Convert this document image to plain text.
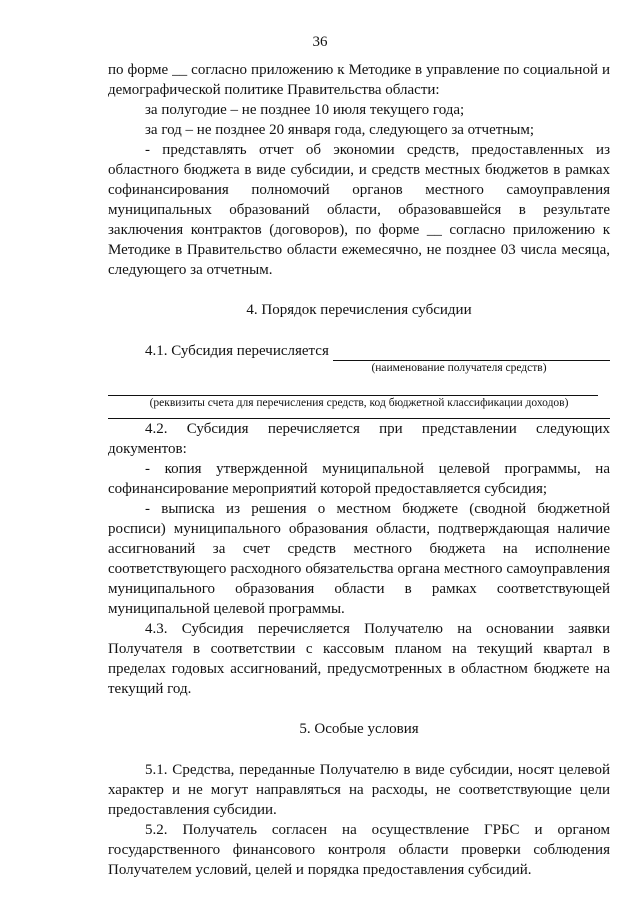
36

по форме __ согласно приложению к Методике в управление по социальной и демографической политике Правительства области:

за полугодие – не позднее 10 июля текущего года;

за год – не позднее 20 января года, следующего за отчетным;

- представлять отчет об экономии средств, предоставленных из областного бюджета в виде субсидии, и средств местных бюджетов в рамках софинансирования полномочий органов местного самоуправления муниципальных образований области, образовавшейся в результате заключения контрактов (договоров), по форме __ согласно приложению к Методике в Правительство области ежемесячно, не позднее 03 числа месяца, следующего за отчетным.

4. Порядок перечисления субсидии

4.1. Субсидия перечисляется
(наименование получателя средств)
(реквизиты счета для перечисления средств, код бюджетной классификации доходов)

4.2. Субсидия перечисляется при представлении следующих документов:

- копия утвержденной муниципальной целевой программы, на софинансирование мероприятий которой предоставляется субсидия;

- выписка из решения о местном бюджете (сводной бюджетной росписи) муниципального образования области, подтверждающая наличие ассигнований за счет средств местного бюджета на исполнение соответствующего расходного обязательства органа местного самоуправления муниципального образования области в рамках соответствующей муниципальной целевой программы.

4.3. Субсидия перечисляется Получателю на основании заявки Получателя в соответствии с кассовым планом на текущий квартал в пределах годовых ассигнований, предусмотренных в областном бюджете на текущий год.

5. Особые условия

5.1. Средства, переданные Получателю в виде субсидии, носят целевой характер и не могут направляться на расходы, не соответствующие цели предоставления субсидии.

5.2. Получатель согласен на осуществление ГРБС и органом государственного финансового контроля области проверки соблюдения Получателем условий, целей и порядка предоставления субсидий.
